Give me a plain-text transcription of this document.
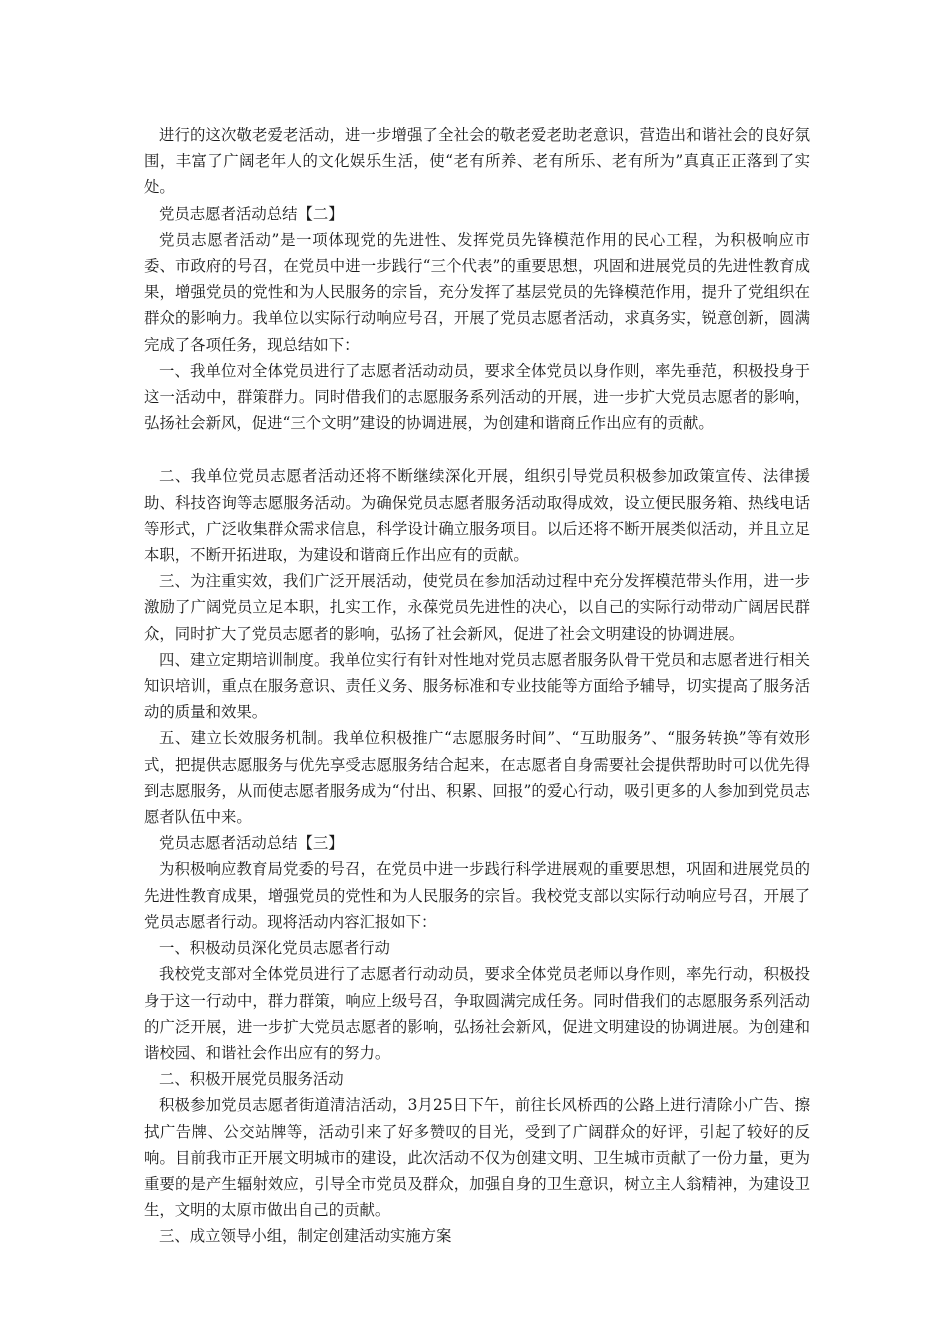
进行的这次敬老爱老活动，进一步增强了全社会的敬老爱老助老意识，营造出和谐社会的良好氛围，丰富了广阔老年人的文化娱乐生活，使“老有所养、老有所乐、老有所为”真真正正落到了实处。

党员志愿者活动总结【二】

党员志愿者活动”是一项体现党的先进性、发挥党员先锋模范作用的民心工程，为积极响应市委、市政府的号召，在党员中进一步践行“三个代表”的重要思想，巩固和进展党员的先进性教育成果，增强党员的党性和为人民服务的宗旨，充分发挥了基层党员的先锋模范作用，提升了党组织在群众的影响力。我单位以实际行动响应号召，开展了党员志愿者活动，求真务实，锐意创新，圆满完成了各项任务，现总结如下：

一、我单位对全体党员进行了志愿者活动动员，要求全体党员以身作则，率先垂范，积极投身于这一活动中，群策群力。同时借我们的志愿服务系列活动的开展，进一步扩大党员志愿者的影响，弘扬社会新风，促进“三个文明”建设的协调进展，为创建和谐商丘作出应有的贡献。

二、我单位党员志愿者活动还将不断继续深化开展，组织引导党员积极参加政策宣传、法律援助、科技咨询等志愿服务活动。为确保党员志愿者服务活动取得成效，设立便民服务箱、热线电话等形式，广泛收集群众需求信息，科学设计确立服务项目。以后还将不断开展类似活动，并且立足本职，不断开拓进取，为建设和谐商丘作出应有的贡献。

三、为注重实效，我们广泛开展活动，使党员在参加活动过程中充分发挥模范带头作用，进一步激励了广阔党员立足本职，扎实工作，永葆党员先进性的决心，以自己的实际行动带动广阔居民群众，同时扩大了党员志愿者的影响，弘扬了社会新风，促进了社会文明建设的协调进展。

四、建立定期培训制度。我单位实行有针对性地对党员志愿者服务队骨干党员和志愿者进行相关知识培训，重点在服务意识、责任义务、服务标准和专业技能等方面给予辅导，切实提高了服务活动的质量和效果。

五、建立长效服务机制。我单位积极推广“志愿服务时间”、“互助服务”、“服务转换”等有效形式，把提供志愿服务与优先享受志愿服务结合起来，在志愿者自身需要社会提供帮助时可以优先得到志愿服务，从而使志愿者服务成为“付出、积累、回报”的爱心行动，吸引更多的人参加到党员志愿者队伍中来。

党员志愿者活动总结【三】

为积极响应教育局党委的号召，在党员中进一步践行科学进展观的重要思想，巩固和进展党员的先进性教育成果，增强党员的党性和为人民服务的宗旨。我校党支部以实际行动响应号召，开展了党员志愿者行动。现将活动内容汇报如下：

一、积极动员深化党员志愿者行动

我校党支部对全体党员进行了志愿者行动动员，要求全体党员老师以身作则，率先行动，积极投身于这一行动中，群力群策，响应上级号召，争取圆满完成任务。同时借我们的志愿服务系列活动的广泛开展，进一步扩大党员志愿者的影响，弘扬社会新风，促进文明建设的协调进展。为创建和谐校园、和谐社会作出应有的努力。

二、积极开展党员服务活动

积极参加党员志愿者街道清洁活动，3月25日下午，前往长风桥西的公路上进行清除小广告、擦拭广告牌、公交站牌等，活动引来了好多赞叹的目光，受到了广阔群众的好评，引起了较好的反响。目前我市正开展文明城市的建设，此次活动不仅为创建文明、卫生城市贡献了一份力量，更为重要的是产生辐射效应，引导全市党员及群众，加强自身的卫生意识，树立主人翁精神，为建设卫生，文明的太原市做出自己的贡献。

三、成立领导小组，制定创建活动实施方案
